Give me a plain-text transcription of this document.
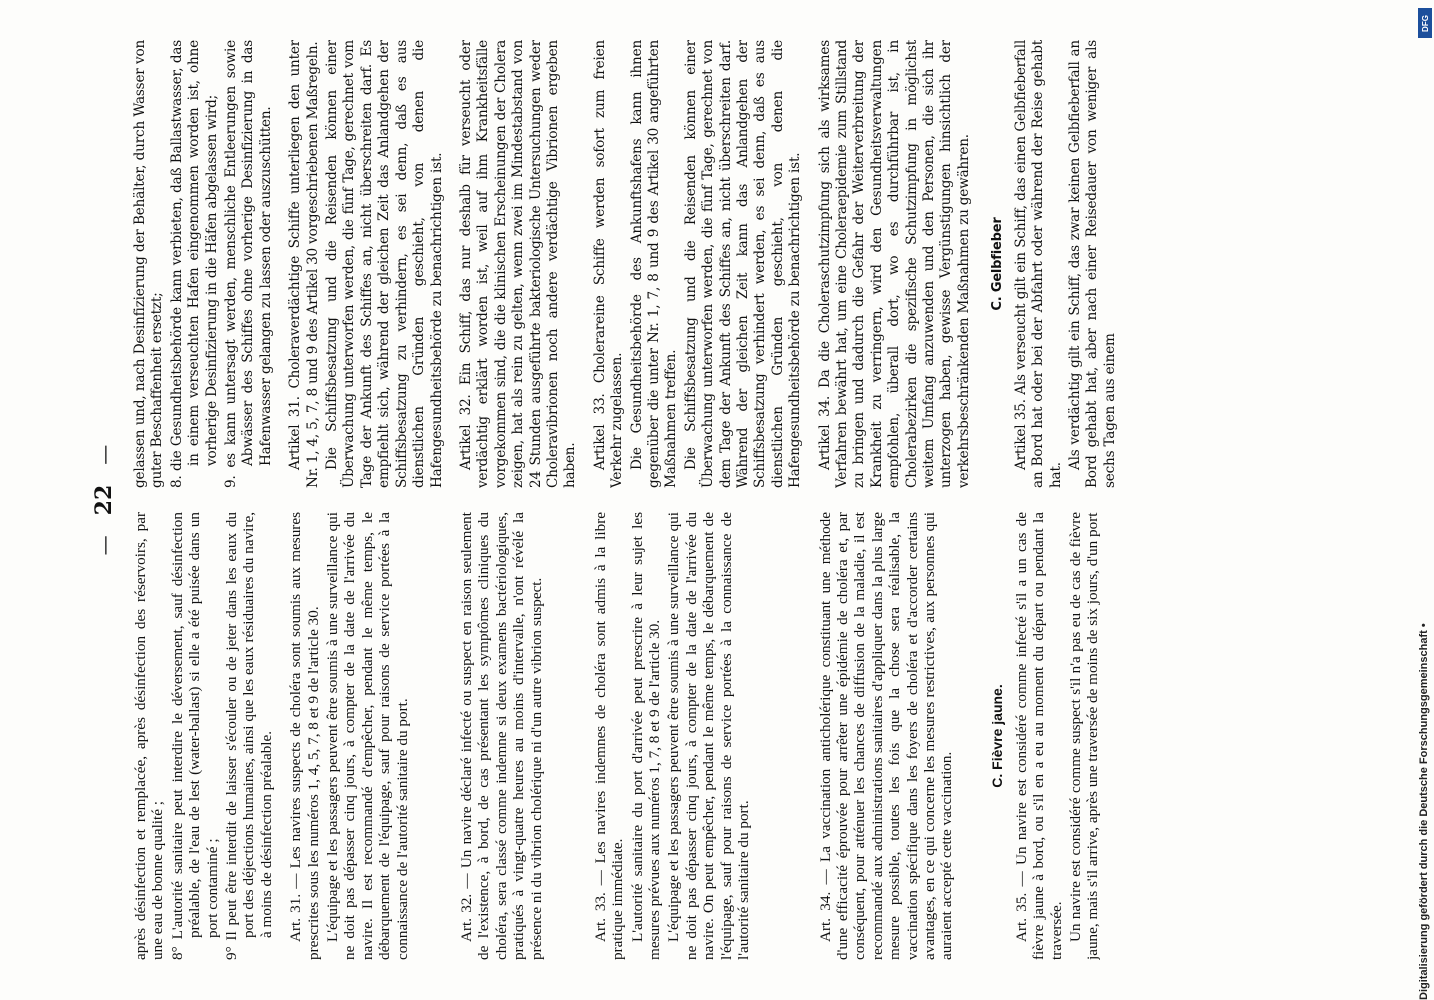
—
22
—

après désinfection et remplacée, après désinfection des réservoirs, par une eau de bonne qualité ; 8° L'autorité sanitaire peut interdire le déversement, sauf désinfection préalable, de l'eau de lest (water-ballast) si elle a été puisée dans un port contaminé ; 9° Il peut être interdit de laisser s'écouler ou de jeter dans les eaux du port des déjections humaines, ainsi que les eaux résiduaires du navire, à moins de désinfection préalable.

gelassen und, nach Desinfizierung der Behälter, durch Wasser von guter Beschaffenheit ersetzt; 8. die Gesundheitsbehörde kann verbieten, daß Ballastwasser, das in einem verseuchten Hafen eingenommen worden ist, ohne vorherige Desinfizierung in die Häfen abgelassen wird; 9. es kann untersagt werden, menschliche Entleerungen sowie Abwässer des Schiffes ohne vorherige Desinfizierung in das Hafenwasser gelangen zu lassen oder auszuschütten.

Art. 31. — Les navires suspects de choléra sont soumis aux mesures prescrites sous les numéros 1, 4, 5, 7, 8 et 9 de l'article 30. L'équipage et les passagers peuvent être soumis à une surveillance qui ne doit pas dépasser cinq jours, à compter de la date de l'arrivée du navire. Il est recommandé d'empêcher, pendant le même temps, le débarquement de l'équipage, sauf pour raisons de service portées à la connaissance de l'autorité sanitaire du port.

Artikel 31. Choleraverdächtige Schiffe unterliegen den unter Nr. 1, 4, 5, 7, 8 und 9 des Artikel 30 vorgeschriebenen Maßregeln. Die Schiffsbesatzung und die Reisenden können einer Überwachung unterworfen werden, die fünf Tage, gerechnet vom Tage der Ankunft des Schiffes an, nicht überschreiten darf. Es empfiehlt sich, während der gleichen Zeit das Anlandgehen der Schiffsbesatzung zu verhindern, es sei denn, daß es aus dienstlichen Gründen geschieht, von denen die Hafengesundheitsbehörde zu benachrichtigen ist.

Art. 32. — Un navire déclaré infecté ou suspect en raison seulement de l'existence, à bord, de cas présentant les symptômes cliniques du choléra, sera classé comme indemne si deux examens bactériologiques, pratiqués à vingt-quatre heures au moins d'intervalle, n'ont révélé la présence ni du vibrion cholérique ni d'un autre vibrion suspect.

Artikel 32. Ein Schiff, das nur deshalb für verseucht oder verdächtig erklärt worden ist, weil auf ihm Krankheitsfälle vorgekommen sind, die die klinischen Erscheinungen der Cholera zeigen, hat als rein zu gelten, wenn zwei im Mindestabstand von 24 Stunden ausgeführte bakteriologische Untersuchungen weder Choleravibrionen noch andere verdächtige Vibrionen ergeben haben.

Art. 33. — Les navires indemnes de choléra sont admis à la libre pratique immédiate. L'autorité sanitaire du port d'arrivée peut prescrire à leur sujet les mesures prévues aux numéros 1, 7, 8 et 9 de l'article 30. L'équipage et les passagers peuvent être soumis à une surveillance qui ne doit pas dépasser cinq jours, à compter de la date de l'arrivée du navire. On peut empêcher, pendant le même temps, le débarquement de l'équipage, sauf pour raisons de service portées à la connaissance de l'autorité sanitaire du port.

Artikel 33. Cholerareine Schiffe werden sofort zum freien Verkehr zugelassen. Die Gesundheitsbehörde des Ankunftshafens kann ihnen gegenüber die unter Nr. 1, 7, 8 und 9 des Artikel 30 angeführten Maßnahmen treffen. Die Schiffsbesatzung und die Reisenden können einer Überwachung unterworfen werden, die fünf Tage, gerechnet von dem Tage der Ankunft des Schiffes an, nicht überschreiten darf. Während der gleichen Zeit kann das Anlandgehen der Schiffsbesatzung verhindert werden, es sei denn, daß es aus dienstlichen Gründen geschieht, von denen die Hafengesundheitsbehörde zu benachrichtigen ist.

Art. 34. — La vaccination anticholérique constituant une méthode d'une efficacité éprouvée pour arrêter une épidémie de choléra et, par conséquent, pour atténuer les chances de diffusion de la maladie, il est recommandé aux administrations sanitaires d'appliquer dans la plus large mesure possible, toutes les fois que la chose sera réalisable, la vaccination spécifique dans les foyers de choléra et d'accorder certains avantages, en ce qui concerne les mesures restrictives, aux personnes qui auraient accepté cette vaccination.

Artikel 34. Da die Choleraschutzimpfung sich als wirksames Verfahren bewährt hat, um eine Choleraepidemie zum Stillstand zu bringen und dadurch die Gefahr der Weiterverbreitung der Krankheit zu verringern, wird den Gesundheitsverwaltungen empfohlen, überall dort, wo es durchführbar ist, in Cholerabezirken die spezifische Schutzimpfung in möglichst weitem Umfang anzuwenden und den Personen, die sich ihr unterzogen haben, gewisse Vergünstigungen hinsichtlich der verkehrsbeschränkenden Maßnahmen zu gewähren.

C. Fièvre jaune. Art. 35. — Un navire est considéré comme infecté s'il a un cas de fièvre jaune à bord, ou s'il en a eu au moment du départ ou pendant la traversée. Un navire est considéré comme suspect s'il n'a pas eu de cas de fièvre jaune, mais s'il arrive, après une traversée de moins de six jours, d'un port

C. Gelbfieber Artikel 35. Als verseucht gilt ein Schiff, das einen Gelbfieberfall an Bord hat oder bei der Abfahrt oder während der Reise gehabt hat.

Als verdächtig gilt ein Schiff, das zwar keinen Gelbfieberfall an Bord gehabt hat, aber nach einer Reisedauer von weniger als sechs Tagen aus einem

Digitalisierung gefördert durch die Deutsche Forschungsgemeinschaft •
DFG
